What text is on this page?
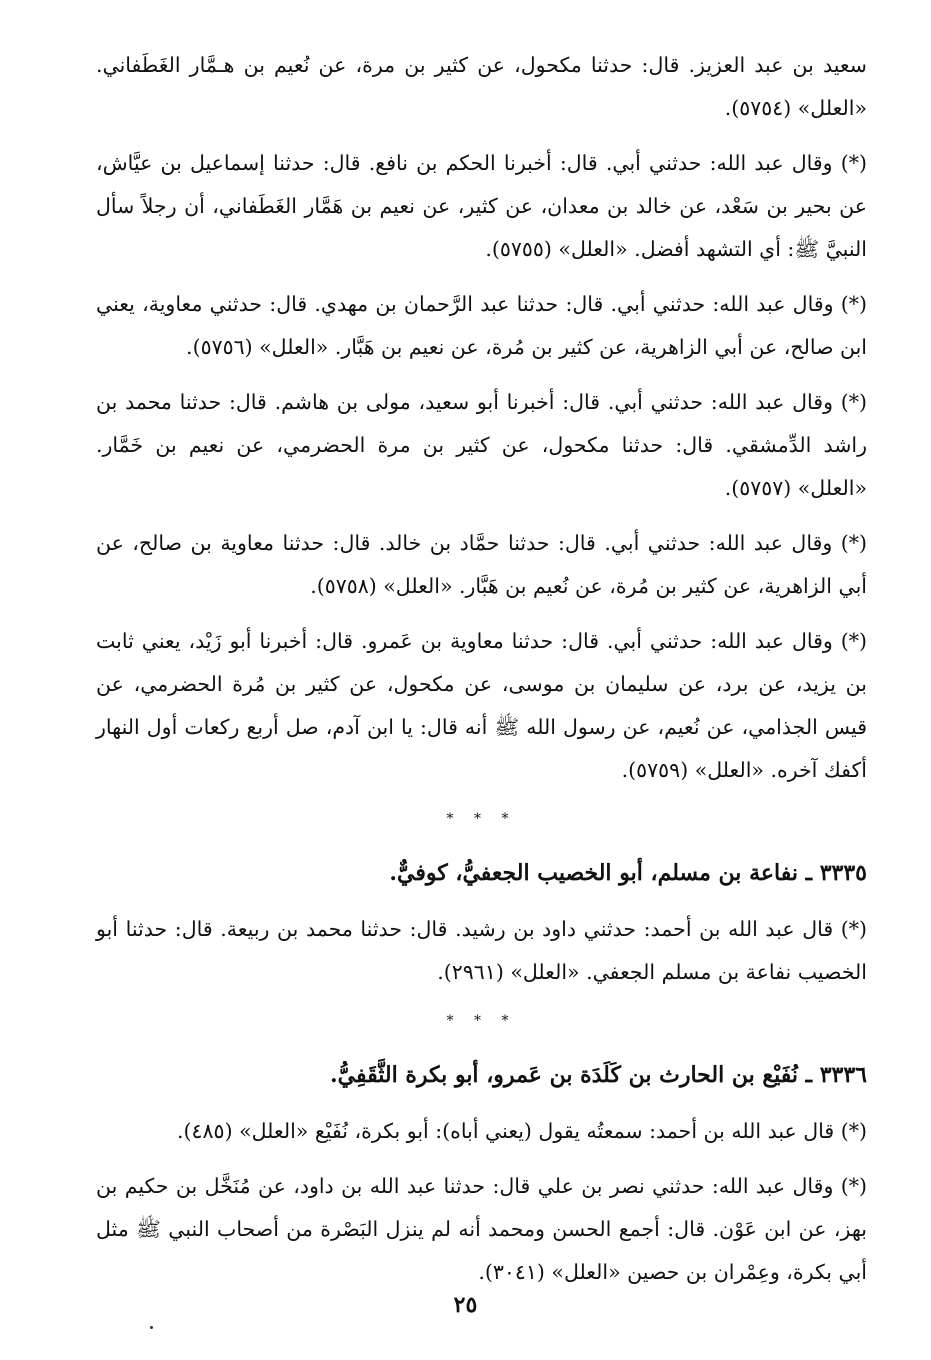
سعيد بن عبد العزيز. قال: حدثنا مكحول، عن كثير بن مرة، عن نُعيم بن هـمَّار الغَطَفاني. «العلل» (٥٧٥٤).

(*) وقال عبد الله: حدثني أبي. قال: أخبرنا الحكم بن نافع. قال: حدثنا إسماعيل بن عيَّاش، عن بحير بن سَعْد، عن خالد بن معدان، عن كثير، عن نعيم بن هَمَّار الغَطَفاني، أن رجلاً سأل النبيَّ ﷺ: أي التشهد أفضل. «العلل» (٥٧٥٥).

(*) وقال عبد الله: حدثني أبي. قال: حدثنا عبد الرَّحمان بن مهدي. قال: حدثني معاوية، يعني ابن صالح، عن أبي الزاهرية، عن كثير بن مُرة، عن نعيم بن هَبَّار. «العلل» (٥٧٥٦).

(*) وقال عبد الله: حدثني أبي. قال: أخبرنا أبو سعيد، مولى بن هاشم. قال: حدثنا محمد بن راشد الدِّمشقي. قال: حدثنا مكحول، عن كثير بن مرة الحضرمي، عن نعيم بن خَمَّار. «العلل» (٥٧٥٧).

(*) وقال عبد الله: حدثني أبي. قال: حدثنا حمَّاد بن خالد. قال: حدثنا معاوية بن صالح، عن أبي الزاهرية، عن كثير بن مُرة، عن نُعيم بن هَبَّار. «العلل» (٥٧٥٨).

(*) وقال عبد الله: حدثني أبي. قال: حدثنا معاوية بن عَمرو. قال: أخبرنا أبو زَيْد، يعني ثابت بن يزيد، عن برد، عن سليمان بن موسى، عن مكحول، عن كثير بن مُرة الحضرمي، عن قيس الجذامي، عن نُعيم، عن رسول الله ﷺ أنه قال: يا ابن آدم، صل أربع ركعات أول النهار أكفك آخره. «العلل» (٥٧٥٩).

* * *
٣٣٣٥ ـ نفاعة بن مسلم، أبو الخصيب الجعفيُّ، كوفيٌّ.

(*) قال عبد الله بن أحمد: حدثني داود بن رشيد. قال: حدثنا محمد بن ربيعة. قال: حدثنا أبو الخصيب نفاعة بن مسلم الجعفي. «العلل» (٢٩٦١).

* * *
٣٣٣٦ ـ نُفَيْع بن الحارث بن كَلَدَة بن عَمرو، أبو بكرة الثَّقَفِيُّ.

(*) قال عبد الله بن أحمد: سمعتُه يقول (يعني أباه): أبو بكرة، نُفَيْع «العلل» (٤٨٥).

(*) وقال عبد الله: حدثني نصر بن علي قال: حدثنا عبد الله بن داود، عن مُنَخَّل بن حكيم بن بهز، عن ابن عَوْن. قال: أجمع الحسن ومحمد أنه لم ينزل البَصْرة من أصحاب النبي ﷺ مثل أبي بكرة، وعِمْران بن حصين «العلل» (٣٠٤١).

٢٥
